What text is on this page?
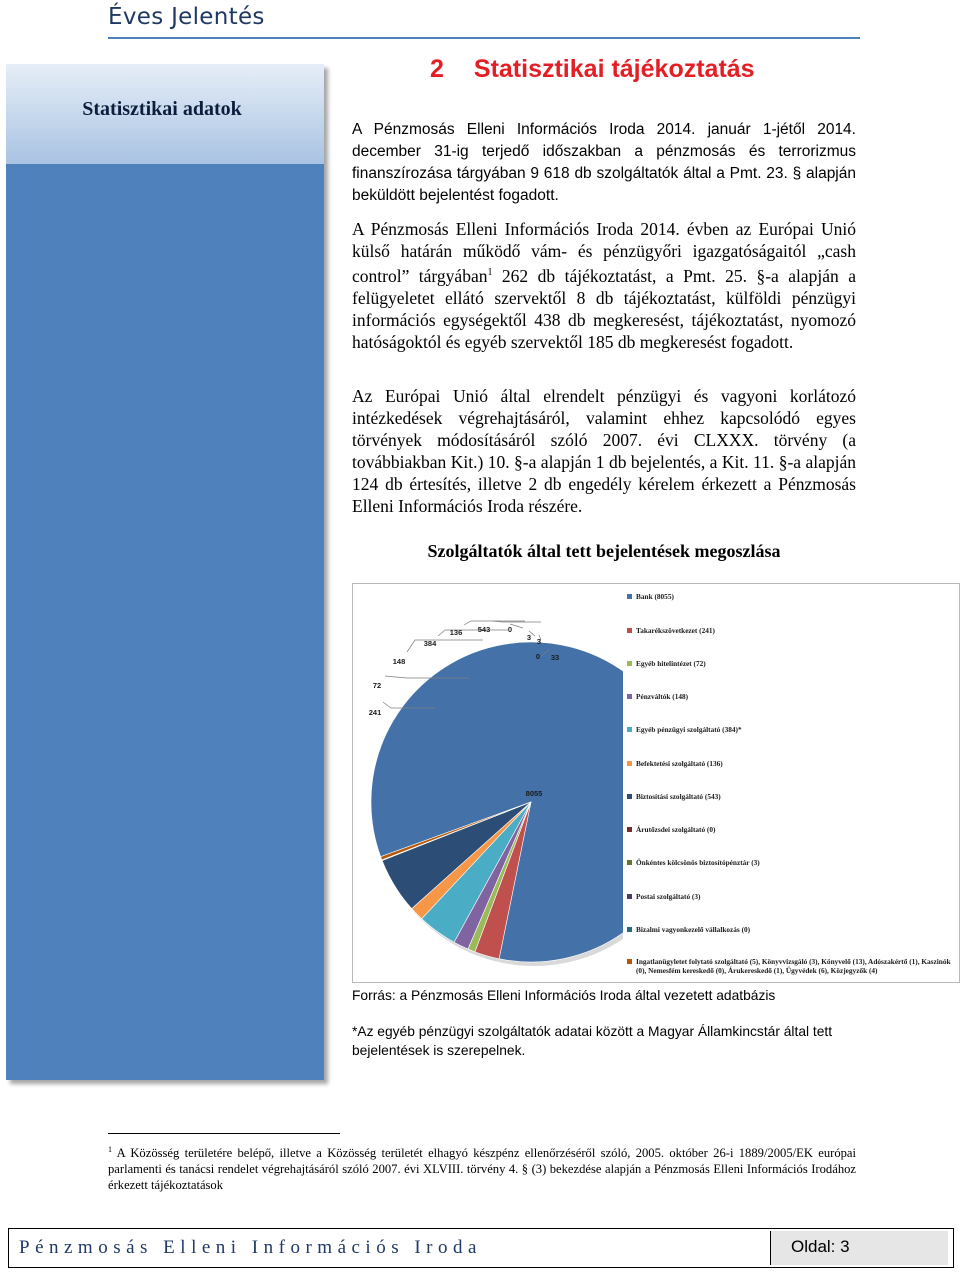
Éves Jelentés
Statisztikai adatok
2 Statisztikai tájékoztatás

A Pénzmosás Elleni Információs Iroda 2014. január 1-jétől 2014. december 31-ig terjedő időszakban a pénzmosás és terrorizmus finanszírozása tárgyában 9 618 db szolgáltatók által a Pmt. 23. § alapján beküldött bejelentést fogadott.

A Pénzmosás Elleni Információs Iroda 2014. évben az Európai Unió külső határán működő vám- és pénzügyőri igazgatóságaitól „cash control” tárgyában$^1$ 262 db tájékoztatást, a Pmt. 25. §-a alapján a felügyeletet ellátó szervektől 8 db tájékoztatást, külföldi pénzügyi információs egységektől 438 db megkeresést, tájékoztatást, nyomozó hatóságoktól és egyéb szervektől 185 db megkeresést fogadott.

Az Európai Unió által elrendelt pénzügyi és vagyoni korlátozó intézkedések végrehajtásáról, valamint ehhez kapcsolódó egyes törvények módosításáról szóló 2007. évi CLXXX. törvény (a továbbiakban Kit.) 10. §-a alapján 1 db bejelentés, a Kit. 11. §-a alapján 124 db értesítés, illetve 2 db engedély kérelem érkezett a Pénzmosás Elleni Információs Iroda részére.

Szolgáltatók által tett bejelentések megoszlása
8055
241
72
148
384
136 543 0
3 3
0 33
Bank (8055)
Takarékszövetkezet (241)
Egyéb hitelintézet (72)
Pénzváltók (148)
Egyéb pénzügyi szolgáltató (384)*
Befektetési szolgáltató (136)
Biztosítási szolgáltató (543)
Árutőzsdei szolgáltató (0)
Önkéntes kölcsönös biztosítópénztár (3)
Postai szolgáltató (3)
Bizalmi vagyonkezelő vállalkozás (0)
Ingatlanügyletet folytató szolgáltató (5), Könyvvizsgáló (3), Könyvelő (13), Adószakértő (1), Kaszinók (0), Nemesfém kereskedő (0), Árukereskedő (1), Ügyvédek (6), Közjegyzők (4)
Forrás: a Pénzmosás Elleni Információs Iroda által vezetett adatbázis
*Az egyéb pénzügyi szolgáltatók adatai között a Magyar Államkincstár által tett bejelentések is szerepelnek.
$^1$ A Közösség területére belépő, illetve a Közösség területét elhagyó készpénz ellenőrzéséről szóló, 2005. október 26-i 1889/2005/EK európai parlamenti és tanácsi rendelet végrehajtásáról szóló 2007. évi XLVIII. törvény 4. § (3) bekezdése alapján a Pénzmosás Elleni Információs Irodához érkezett tájékoztatások
Pénzmosás Elleni Információs Iroda	Oldal: 3
